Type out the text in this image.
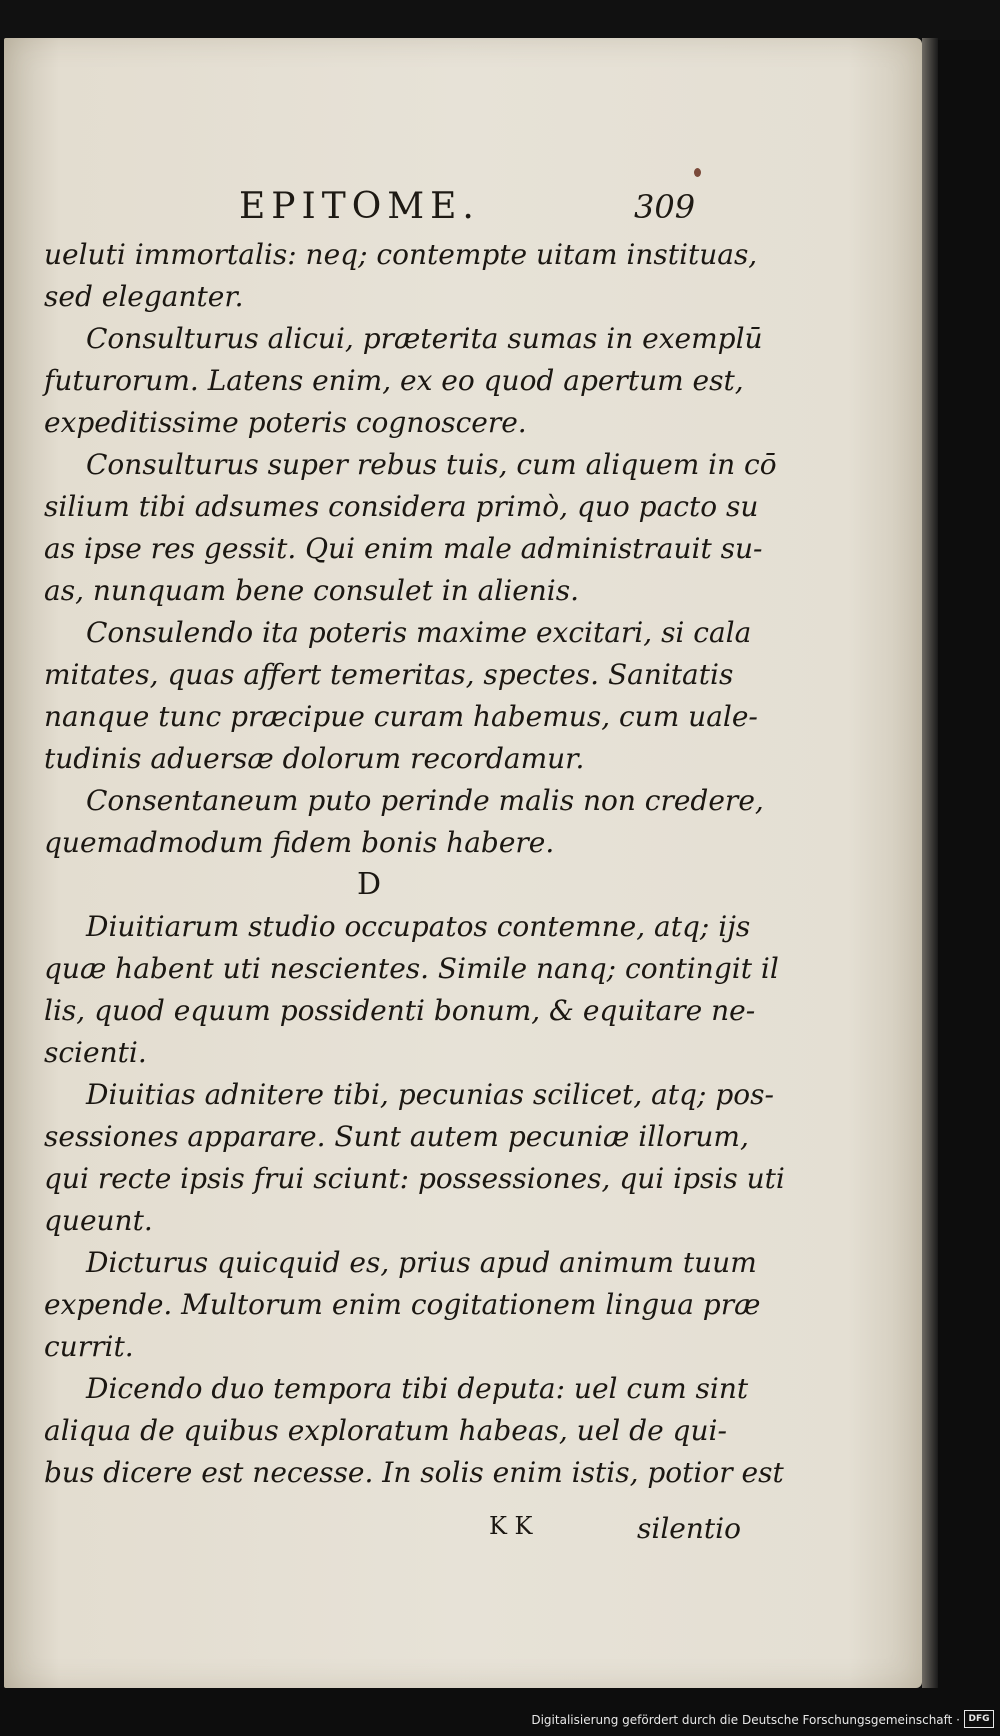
EPITOME.	309
ueluti immortalis: neq; contempte uitam instituas,
sed eleganter.
Consulturus alicui, præterita sumas in exemplū
futurorum. Latens enim, ex eo quod apertum est,
expeditissime poteris cognoscere.
Consulturus super rebus tuis, cum aliquem in cō
silium tibi adsumes considera primò, quo pacto su
as ipse res gessit. Qui enim male administrauit su-
as, nunquam bene consulet in alienis.
Consulendo ita poteris maxime excitari, si cala
mitates, quas affert temeritas, spectes. Sanitatis
nanque tunc præcipue curam habemus, cum uale-
tudinis aduersæ dolorum recordamur.
Consentaneum puto perinde malis non credere,
quemadmodum fidem bonis habere.
D
Diuitiarum studio occupatos contemne, atq; ijs
quæ habent uti nescientes. Simile nanq; contingit il
lis, quod equum possidenti bonum, & equitare ne-
scienti.
Diuitias adnitere tibi, pecunias scilicet, atq; pos-
sessiones apparare. Sunt autem pecuniæ illorum,
qui recte ipsis frui sciunt: possessiones, qui ipsis uti
queunt.
Dicturus quicquid es, prius apud animum tuum
expende. Multorum enim cogitationem lingua præ
currit.
Dicendo duo tempora tibi deputa: uel cum sint
aliqua de quibus exploratum habeas, uel de qui-
bus dicere est necesse. In solis enim istis, potior est
K K	silentio
Digitalisierung gefördert durch die Deutsche Forschungsgemeinschaft · DFG
